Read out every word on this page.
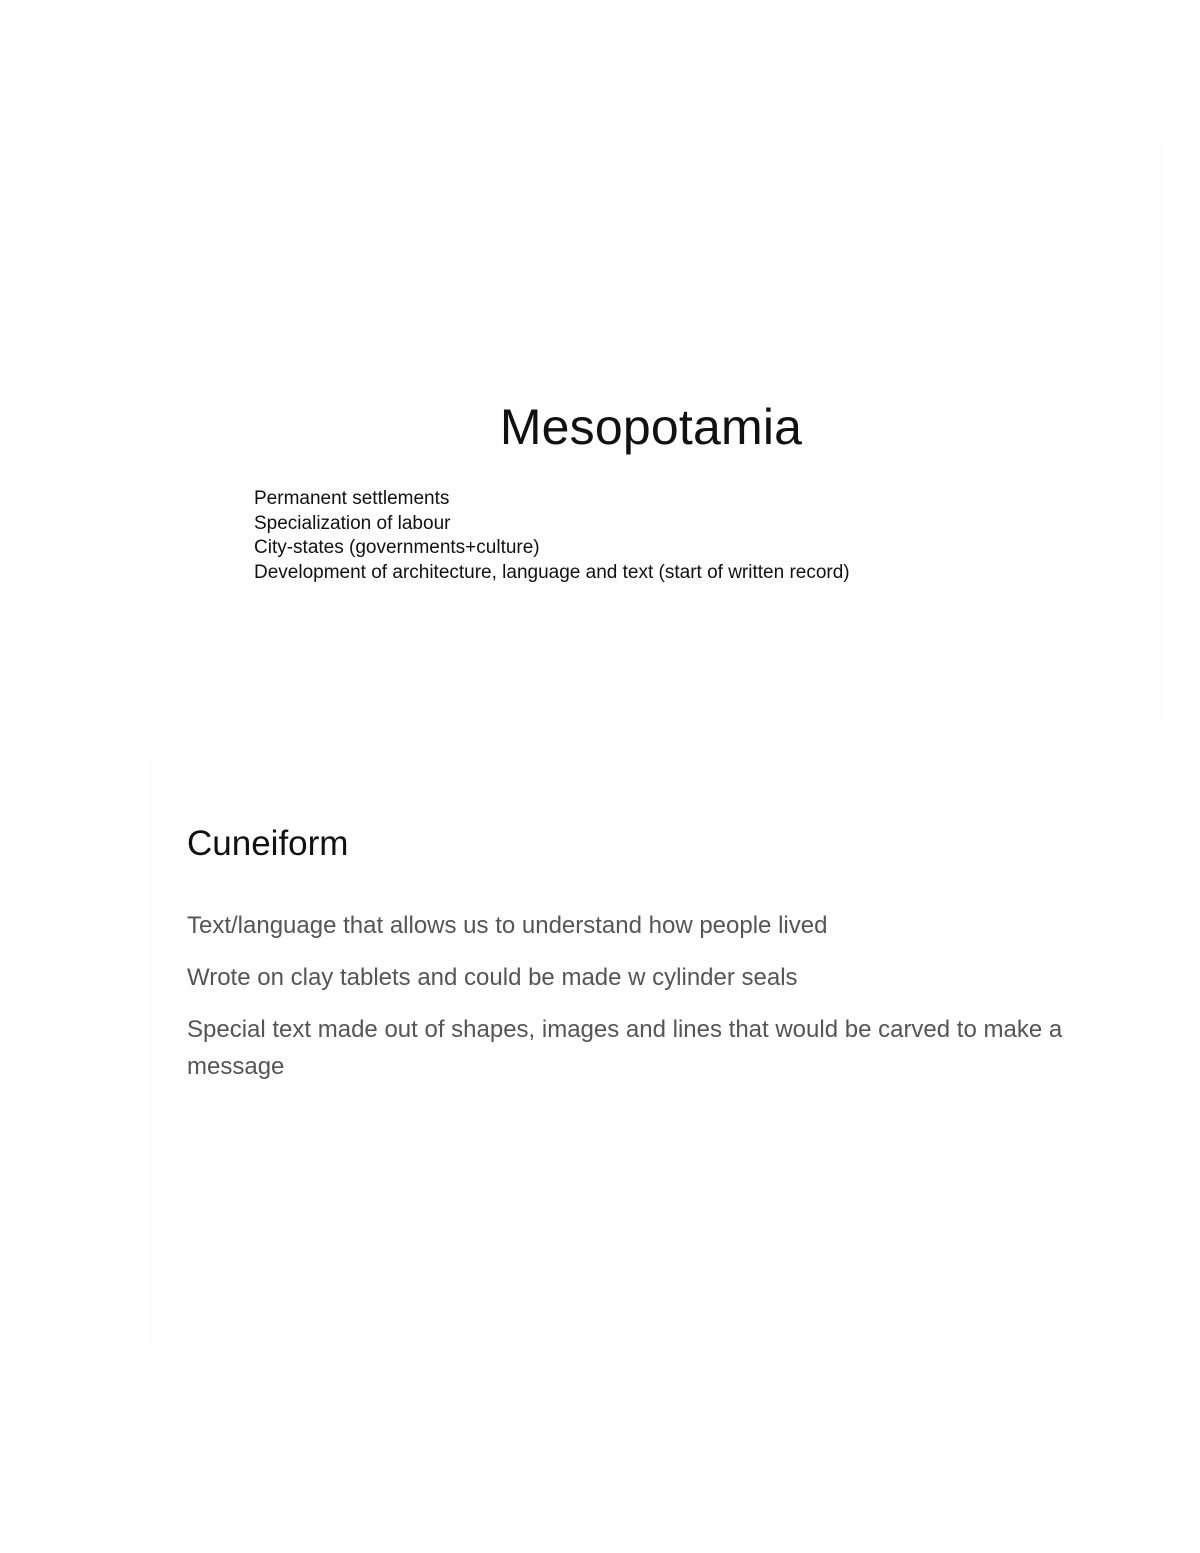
Mesopotamia
Permanent settlements
Specialization of labour
City-states (governments+culture)
Development of architecture, language and text (start of written record)
Cuneiform
Text/language that allows us to understand how people lived
Wrote on clay tablets and could be made w cylinder seals
Special text made out of shapes, images and lines that would be carved to make a message
